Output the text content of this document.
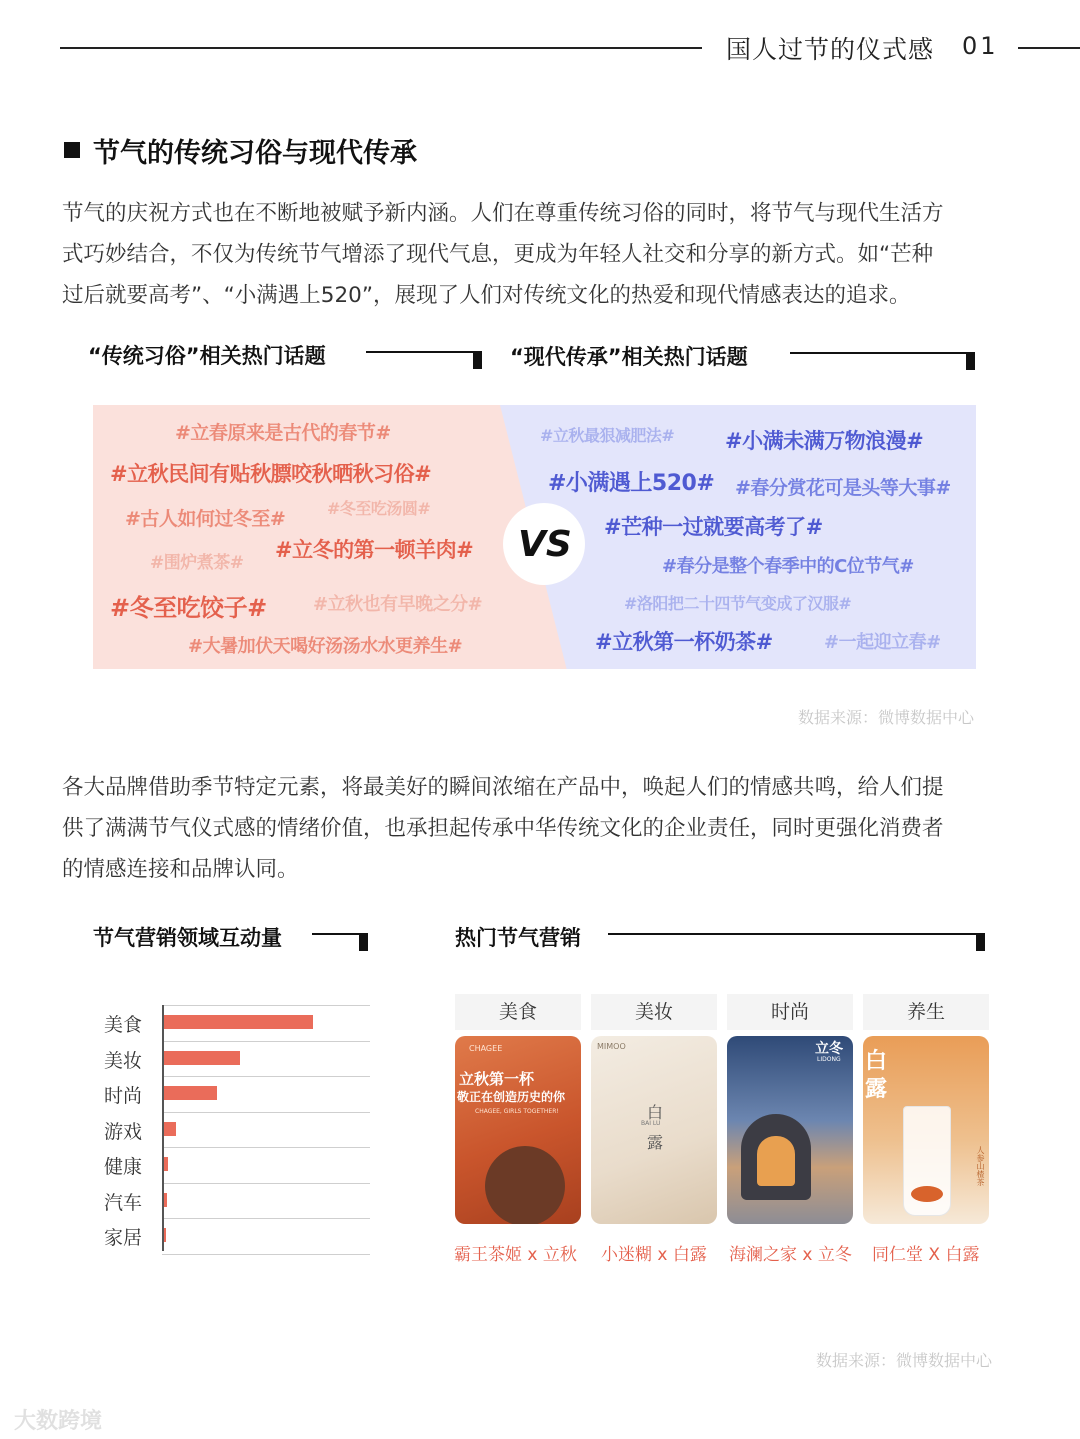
国人过节的仪式感 01
节气的传统习俗与现代传承
节气的庆祝方式也在不断地被赋予新内涵。人们在尊重传统习俗的同时，将节气与现代生活方
式巧妙结合，不仅为传统节气增添了现代气息，更成为年轻人社交和分享的新方式。如“芒种
过后就要高考”、“小满遇上520”，展现了人们对传统文化的热爱和现代情感表达的追求。
“传统习俗”相关热门话题	“现代传承”相关热门话题
#立春原来是古代的春节#
#立秋民间有贴秋膘咬秋晒秋习俗#
#古人如何过冬至#	#冬至吃汤圆#
#围炉煮茶#
#立冬的第一顿羊肉#
#冬至吃饺子#	#立秋也有早晚之分#
#大暑加伏天喝好汤汤水水更养生#
VS
#立秋最狠减肥法# #小满未满万物浪漫#
#小满遇上520# #春分赏花可是头等大事#
#芒种一过就要高考了#
#春分是整个春季中的C位节气#
#洛阳把二十四节气变成了汉服#
#立秋第一杯奶茶#	#一起迎立春#
数据来源：微博数据中心
各大品牌借助季节特定元素，将最美好的瞬间浓缩在产品中，唤起人们的情感共鸣，给人们提
供了满满节气仪式感的情绪价值，也承担起传承中华传统文化的企业责任，同时更强化消费者
的情感连接和品牌认同。
节气营销领域互动量
美食
美妆
时尚
游戏
健康
汽车
家居
热门节气营销
美食	美妆	时尚	养生
CHAGEE
立秋第一杯
敬正在创造历史的你
CHAGEE, GIRLS TOGETHER!
MIMOO
白
BAI LU
露
立冬
LIDONG 白
露
人参山楂茶
霸王茶姬 x 立秋 小迷糊 x 白露 海澜之家 x 立冬 同仁堂 X 白露
数据来源：微博数据中心
大数跨境
